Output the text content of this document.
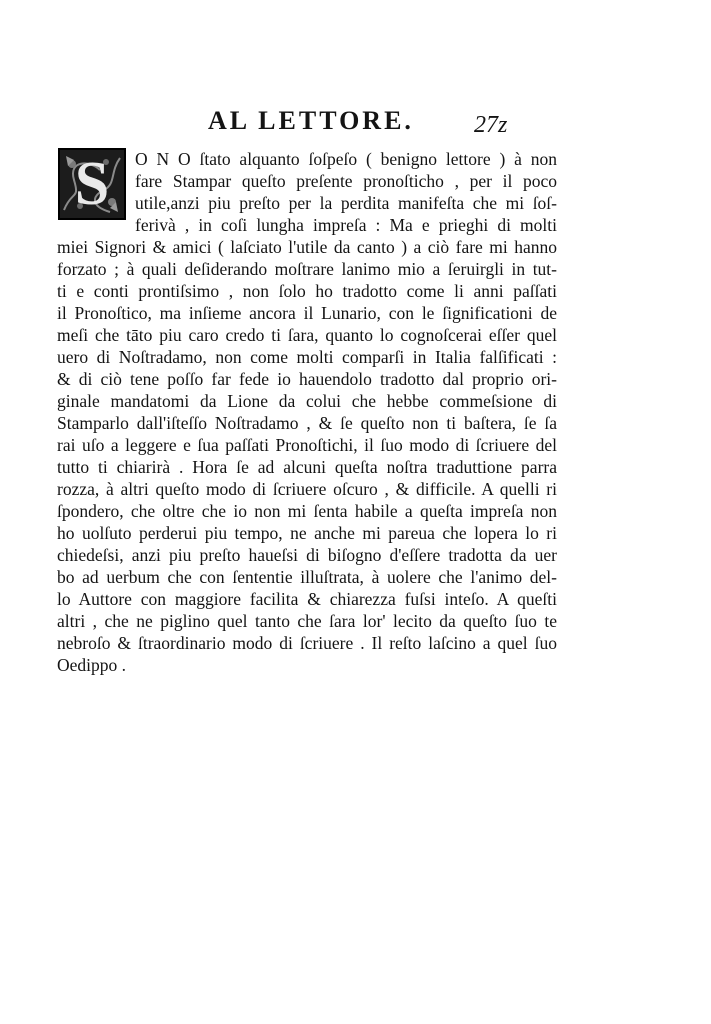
AL LETTORE.	27z
S	O N O ſtato alquanto ſoſpeſo ( benigno lettore ) à non
fare Stampar queſto preſente pronoſticho , per il poco
utile,anzi piu preſto per la perdita manifeſta che mi ſoſ-
ferivà , in coſi lungha impreſa : Ma e prieghi di molti
miei Signori & amici ( laſciato l'utile da canto ) a ciò fare mi hanno
forzato ; à quali deſiderando moſtrare lanimo mio a ſeruirgli in tut-
ti e conti prontiſsimo , non ſolo ho tradotto come li anni paſſati
il Pronoſtico, ma inſieme ancora il Lunario, con le ſignificationi de
meſi che tāto piu caro credo ti ſara, quanto lo cognoſcerai eſſer quel
uero di Noſtradamo, non come molti comparſi in Italia falſificati :
& di ciò tene poſſo far fede io hauendolo tradotto dal proprio ori-
ginale mandatomi da Lione da colui che hebbe commeſsione di
Stamparlo dall'iſteſſo Noſtradamo , & ſe queſto non ti baſtera, ſe ſa
rai uſo a leggere e ſua paſſati Pronoſtichi, il ſuo modo di ſcriuere del
tutto ti chiarirà . Hora ſe ad alcuni queſta noſtra traduttione parra
rozza, à altri queſto modo di ſcriuere oſcuro , & difficile. A quelli ri
ſpondero, che oltre che io non mi ſenta habile a queſta impreſa non
ho uolſuto perderui piu tempo, ne anche mi pareua che lopera lo ri
chiedeſsi, anzi piu preſto haueſsi di biſogno d'eſſere tradotta da uer
bo ad uerbum che con ſententie illuſtrata, à uolere che l'animo del-
lo Auttore con maggiore facilita & chiarezza fuſsi inteſo. A queſti
altri , che ne piglino quel tanto che ſara lor' lecito da queſto ſuo te
nebroſo & ſtraordinario modo di ſcriuere . Il reſto laſcino a quel ſuo
Oedippo .
